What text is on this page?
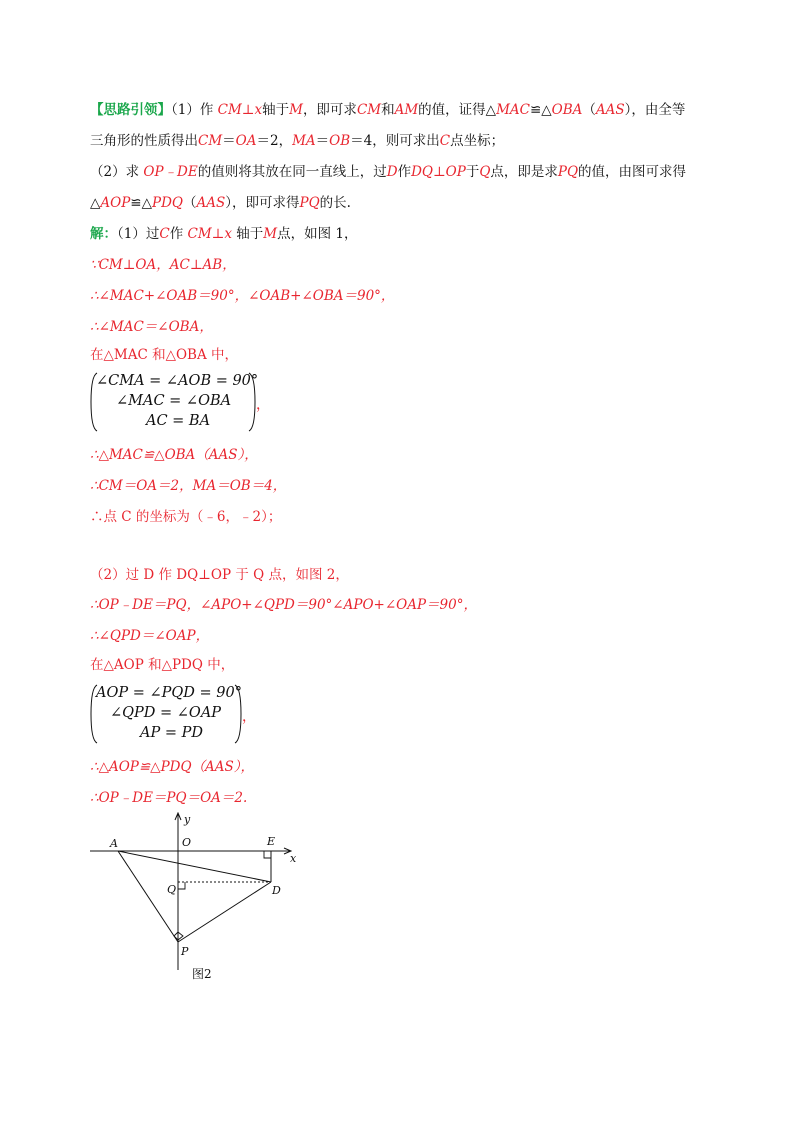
【思路引领】（1）作 CM⊥x轴于M，即可求CM和AM的值，证得△MAC≌△OBA（AAS），由全等
三角形的性质得出CM＝OA＝2，MA＝OB＝4，则可求出C点坐标；
（2）求 OP﹣DE的值则将其放在同一直线上，过D作DQ⊥OP于Q点，即是求PQ的值，由图可求得
△AOP≌△PDQ（AAS），即可求得PQ的长.
解：（1）过C作 CM⊥x 轴于M点，如图 1，
∵CM⊥OA，AC⊥AB，
∴∠MAC+∠OAB＝90°，∠OAB+∠OBA＝90°，
∴∠MAC＝∠OBA，
在△MAC 和△OBA 中，
∠CMA = ∠AOB = 90°
∠MAC = ∠OBA
AC = BA
，
∴△MAC≌△OBA（AAS），
∴CM＝OA＝2，MA＝OB＝4，
∴点 C 的坐标为（﹣6，﹣2）；
（2）过 D 作 DQ⊥OP 于 Q 点，如图 2，
∴OP﹣DE＝PQ，∠APO+∠QPD＝90°∠APO+∠OAP＝90°，
∴∠QPD＝∠OAP，
在△AOP 和△PDQ 中，
AOP = ∠PQD = 90°
∠QPD = ∠OAP
AP = PD
，
∴△AOP≌△PDQ（AAS），
∴OP﹣DE＝PQ＝OA＝2.
A	O	E
x
y
Q	D
P
图2
